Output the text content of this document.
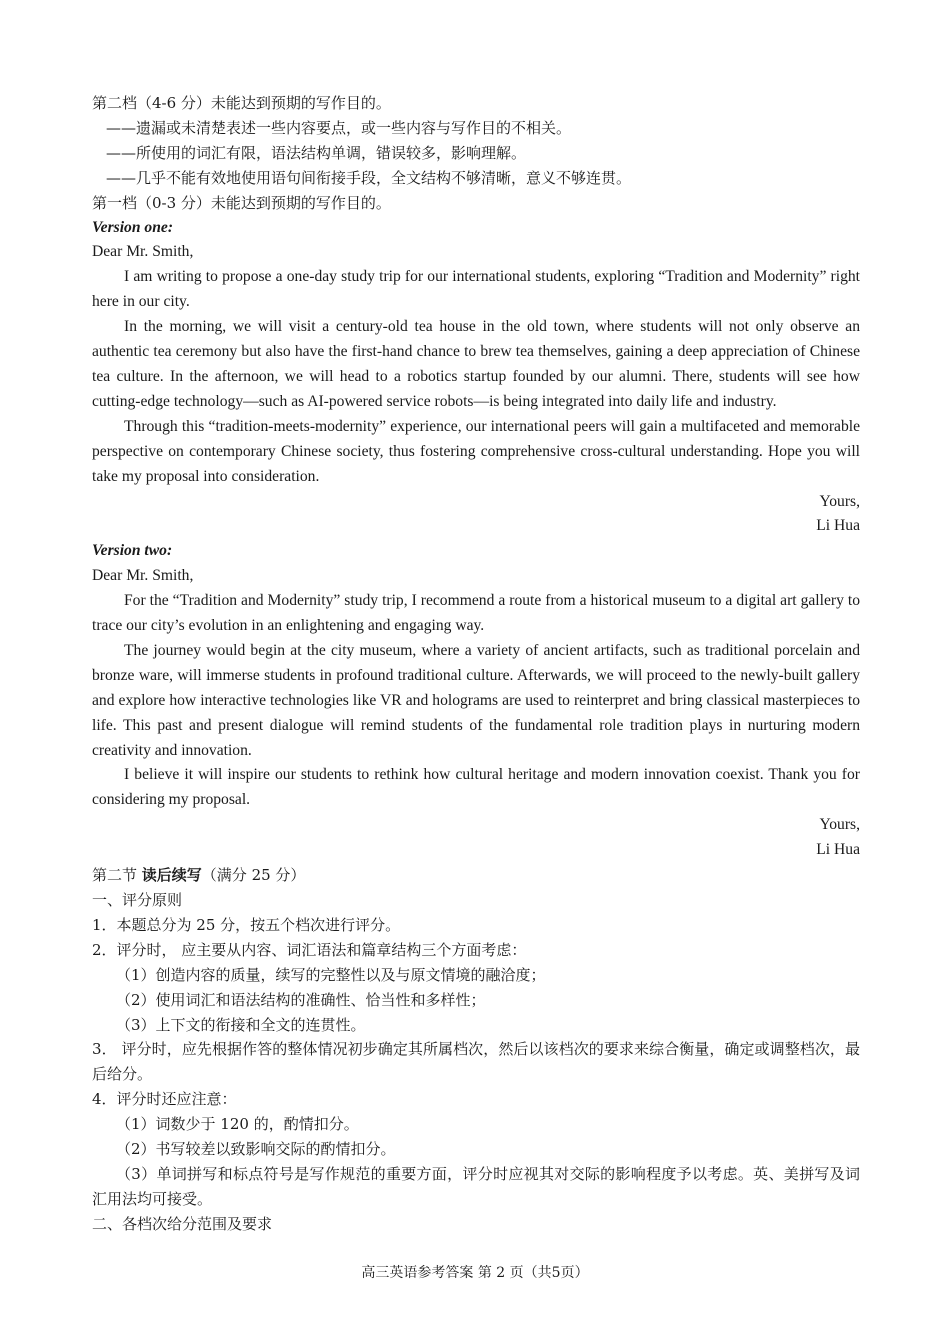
第二档（4-6 分）未能达到预期的写作目的。
——遗漏或未清楚表述一些内容要点，或一些内容与写作目的不相关。
——所使用的词汇有限，语法结构单调，错误较多，影响理解。
——几乎不能有效地使用语句间衔接手段，全文结构不够清晰，意义不够连贯。
第一档（0-3 分）未能达到预期的写作目的。
Version one:
Dear Mr. Smith,
I am writing to propose a one-day study trip for our international students, exploring “Tradition and Modernity” right here in our city.
In the morning, we will visit a century-old tea house in the old town, where students will not only observe an authentic tea ceremony but also have the first-hand chance to brew tea themselves, gaining a deep appreciation of Chinese tea culture. In the afternoon, we will head to a robotics startup founded by our alumni. There, students will see how cutting-edge technology—such as AI-powered service robots—is being integrated into daily life and industry.
Through this “tradition-meets-modernity” experience, our international peers will gain a multifaceted and memorable perspective on contemporary Chinese society, thus fostering comprehensive cross-cultural understanding. Hope you will take my proposal into consideration.
Yours,
Li Hua
Version two:
Dear Mr. Smith,
For the “Tradition and Modernity” study trip, I recommend a route from a historical museum to a digital art gallery to trace our city’s evolution in an enlightening and engaging way.
The journey would begin at the city museum, where a variety of ancient artifacts, such as traditional porcelain and bronze ware, will immerse students in profound traditional culture. Afterwards, we will proceed to the newly-built gallery and explore how interactive technologies like VR and holograms are used to reinterpret and bring classical masterpieces to life. This past and present dialogue will remind students of the fundamental role tradition plays in nurturing modern creativity and innovation.
I believe it will inspire our students to rethink how cultural heritage and modern innovation coexist. Thank you for considering my proposal.
Yours,
Li Hua
第二节 读后续写（满分 25 分）
一、评分原则
1．本题总分为 25 分，按五个档次进行评分。
2．评分时， 应主要从内容、词汇语法和篇章结构三个方面考虑：
（1）创造内容的质量，续写的完整性以及与原文情境的融洽度；
（2）使用词汇和语法结构的准确性、恰当性和多样性；
（3）上下文的衔接和全文的连贯性。
3． 评分时，应先根据作答的整体情况初步确定其所属档次，然后以该档次的要求来综合衡量，确定或调整档次，最后给分。
4．评分时还应注意：
（1）词数少于 120 的，酌情扣分。
（2）书写较差以致影响交际的酌情扣分。
（3）单词拼写和标点符号是写作规范的重要方面，评分时应视其对交际的影响程度予以考虑。英、美拼写及词汇用法均可接受。
二、各档次给分范围及要求
高三英语参考答案 第 2 页（共5页）
